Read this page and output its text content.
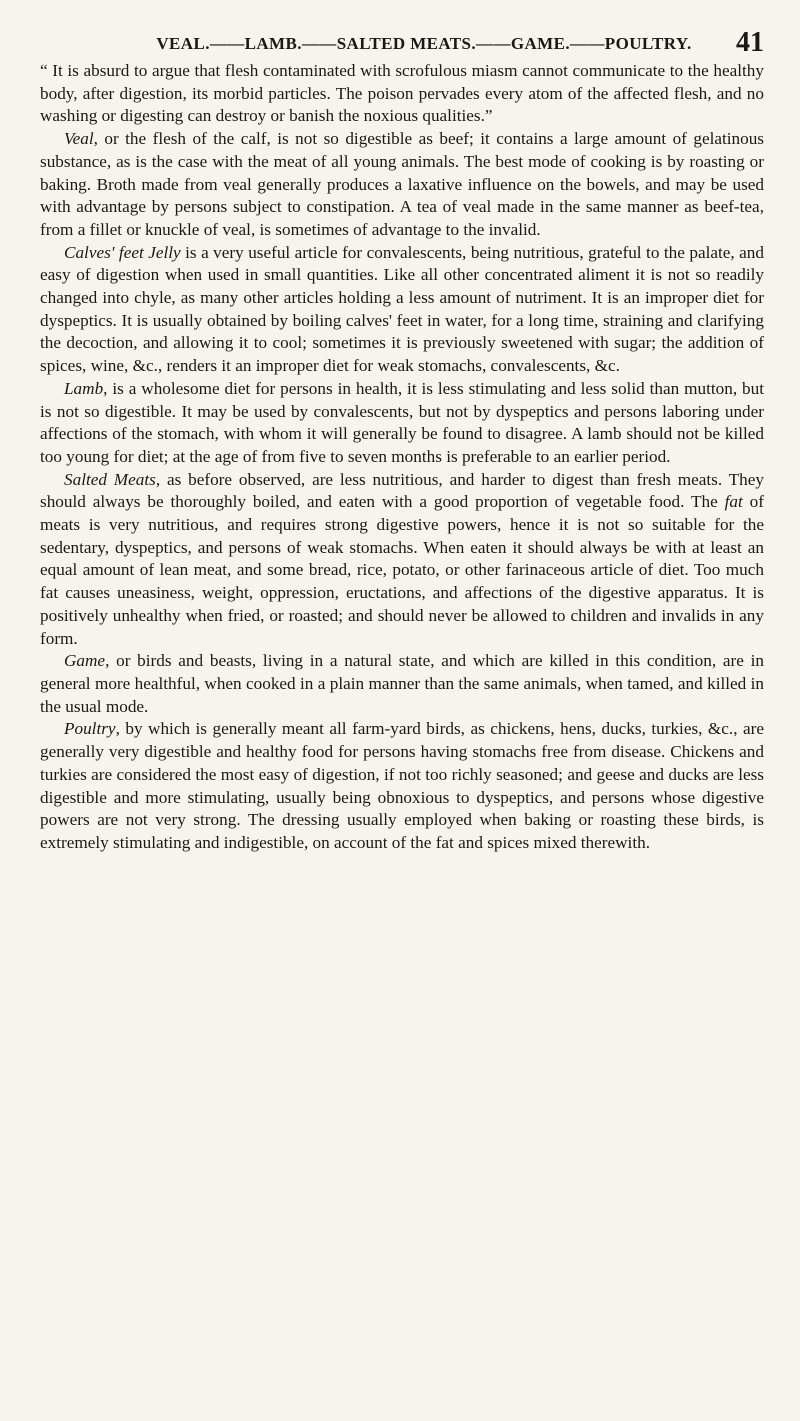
VEAL.——LAMB.——SALTED MEATS.——GAME.——POULTRY.	41

“ It is absurd to argue that flesh contaminated with scrofulous miasm cannot communicate to the healthy body, after digestion, its morbid particles. The poison pervades every atom of the affected flesh, and no washing or digesting can destroy or banish the noxious qualities.”

Veal, or the flesh of the calf, is not so digestible as beef; it contains a large amount of gelatinous substance, as is the case with the meat of all young animals. The best mode of cooking is by roasting or baking. Broth made from veal generally produces a laxative influence on the bowels, and may be used with advantage by persons subject to constipation. A tea of veal made in the same manner as beef-tea, from a fillet or knuckle of veal, is sometimes of advantage to the invalid.

Calves' feet Jelly is a very useful article for convalescents, being nutritious, grateful to the palate, and easy of digestion when used in small quantities. Like all other concentrated aliment it is not so readily changed into chyle, as many other articles holding a less amount of nutriment. It is an improper diet for dyspeptics. It is usually obtained by boiling calves' feet in water, for a long time, straining and clarifying the decoction, and allowing it to cool; sometimes it is previously sweetened with sugar; the addition of spices, wine, &c., renders it an improper diet for weak stomachs, convalescents, &c.

Lamb, is a wholesome diet for persons in health, it is less stimulating and less solid than mutton, but is not so digestible. It may be used by convalescents, but not by dyspeptics and persons laboring under affections of the stomach, with whom it will generally be found to disagree. A lamb should not be killed too young for diet; at the age of from five to seven months is preferable to an earlier period.

Salted Meats, as before observed, are less nutritious, and harder to digest than fresh meats. They should always be thoroughly boiled, and eaten with a good proportion of vegetable food. The fat of meats is very nutritious, and requires strong digestive powers, hence it is not so suitable for the sedentary, dyspeptics, and persons of weak stomachs. When eaten it should always be with at least an equal amount of lean meat, and some bread, rice, potato, or other farinaceous article of diet. Too much fat causes uneasiness, weight, oppression, eructations, and affections of the digestive apparatus. It is positively unhealthy when fried, or roasted; and should never be allowed to children and invalids in any form.

Game, or birds and beasts, living in a natural state, and which are killed in this condition, are in general more healthful, when cooked in a plain manner than the same animals, when tamed, and killed in the usual mode.

Poultry, by which is generally meant all farm-yard birds, as chickens, hens, ducks, turkies, &c., are generally very digestible and healthy food for persons having stomachs free from disease. Chickens and turkies are considered the most easy of digestion, if not too richly seasoned; and geese and ducks are less digestible and more stimulating, usually being obnoxious to dyspeptics, and persons whose digestive powers are not very strong. The dressing usually employed when baking or roasting these birds, is extremely stimulating and indigestible, on account of the fat and spices mixed therewith.
